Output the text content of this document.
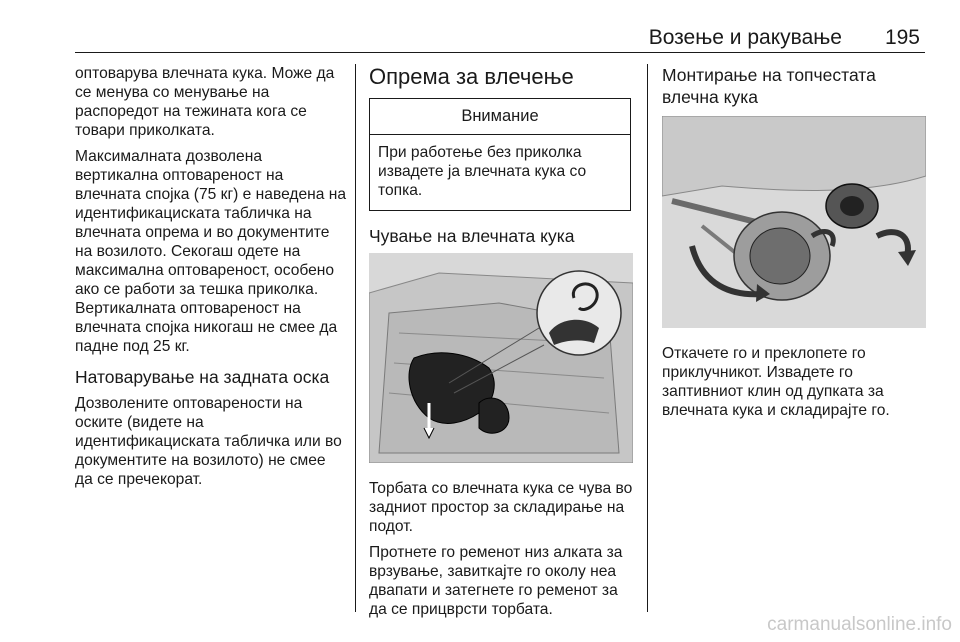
Возење и ракување 195

оптоварува влечната кука. Може да се менува со менување на распоредот на тежината кога се товари приколката.

Максималната дозволена вертикална оптовареност на влечната спојка (75 кг) е наведена на идентификациската табличка на влечната опрема и во документите на возилото. Секогаш одете на максимална оптовареност, особено ако се работи за тешка приколка. Вертикалната оптовареност на влечната спојка никогаш не смее да падне под 25 кг.

Натоварување на задната оска

Дозволените оптоварености на оските (видете на идентификациската табличка или во документите на возилото) не смее да се пречекорат.

Опрема за влечење
Внимание
При работење без приколка извадете ја влечната кука со топка.
Чување на влечната кука

Торбата со влечната кука се чува во задниот простор за складирање на подот.

Протнете го ременот низ алката за врзување, завиткајте го околу неа двапати и затегнете го ременот за да се прицврсти торбата.

Монтирање на топчестата влечна кука

Откачете го и преклопете го приклучникот. Извадете го заптивниот клин од дупката за влечната кука и складирајте го.

carmanualsonline.info
